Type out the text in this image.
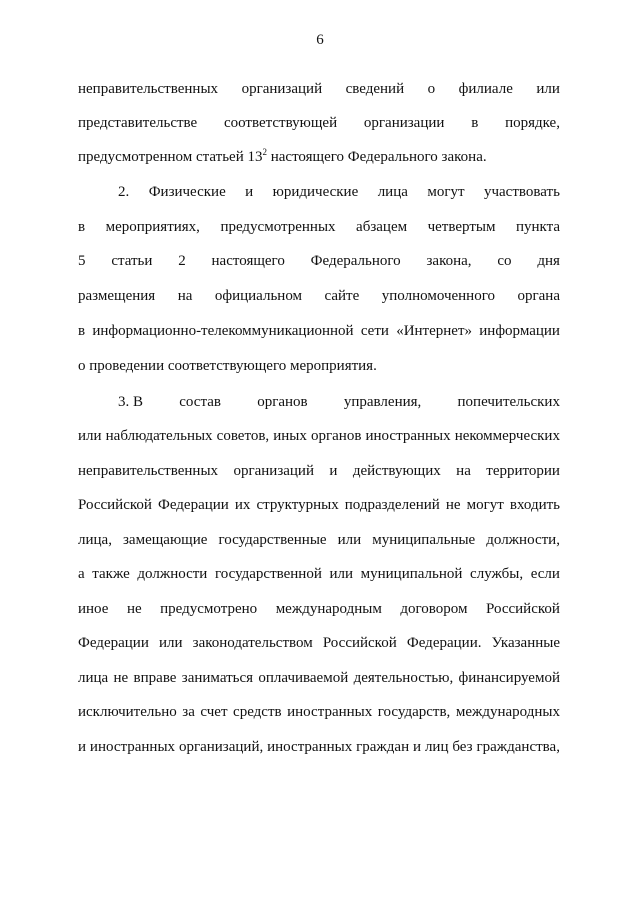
6
неправительственных организаций сведений о филиале или
представительстве соответствующей организации в порядке,
предусмотренном статьей $13^2$ настоящего Федерального закона.
2. Физические и юридические лица могут участвовать
в мероприятиях, предусмотренных абзацем четвертым пункта
5 статьи 2 настоящего Федерального закона, со дня
размещения на официальном сайте уполномоченного органа
в информационно-телекоммуникационной сети «Интернет» информации
о проведении соответствующего мероприятия.
3. В состав органов управления, попечительских
или наблюдательных советов, иных органов иностранных некоммерческих
неправительственных организаций и действующих на территории
Российской Федерации их структурных подразделений не могут входить
лица, замещающие государственные или муниципальные должности,
а также должности государственной или муниципальной службы, если
иное не предусмотрено международным договором Российской
Федерации или законодательством Российской Федерации. Указанные
лица не вправе заниматься оплачиваемой деятельностью, финансируемой
исключительно за счет средств иностранных государств, международных
и иностранных организаций, иностранных граждан и лиц без гражданства,
